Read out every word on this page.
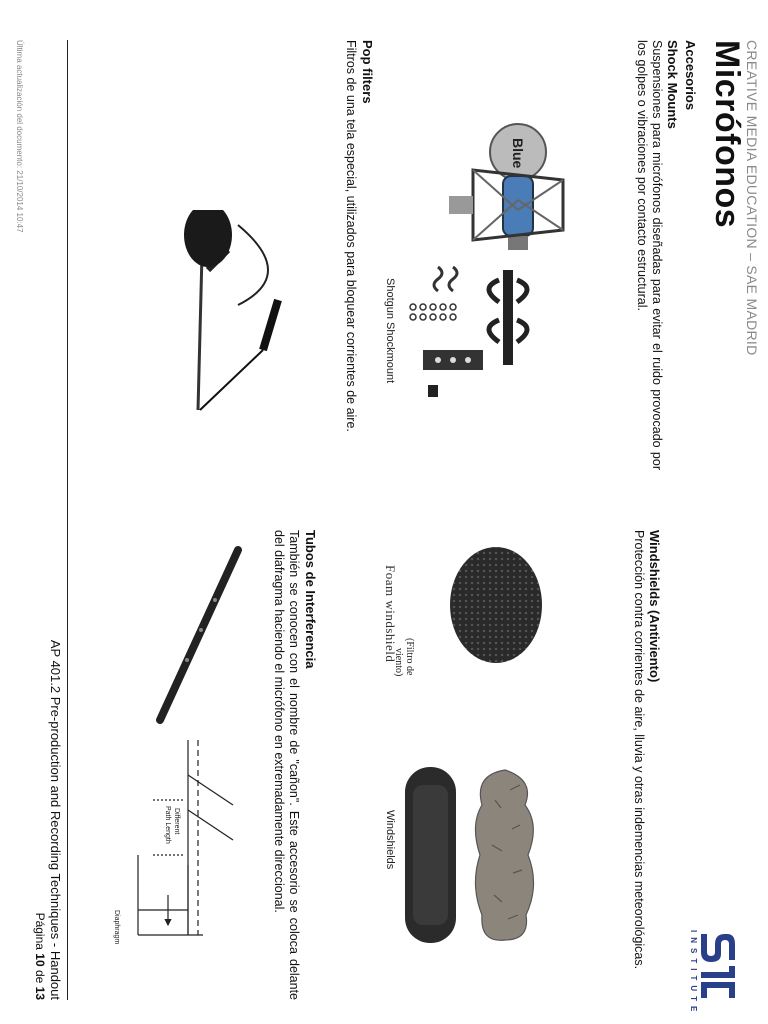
CREATIVE MEDIA EDUCATION – SAE MADRID
Micrófonos
INSTITUTE
Accesorios
Shock Mounts
Suspensiones para micrófonos diseñadas para evitar el ruido provocado por los golpes o vibraciones por contacto estructural.
Blue
Shotgun Shockmount
Pop filters
Filtros de una tela especial, utilizados para bloquear corrientes de aire.
Windshields (Antiviento)
Protección contra corrientes de aire, lluvia y otras indemencias meteorológicas.
Foam windshield (Filtro de
viento)
Windshields
Tubos de Interferencia
También se conocen con el nombre de "cañon". Este accesorio se coloca delante del diafragma haciendo el micrófono en extremadamente direccional.
Different
Path Length
Diaphragm
AP 401.2 Pre-production and Recording Techniques - Handout
Página 10 de 13
Última actualización del documento: 21/10/2014 10:47
